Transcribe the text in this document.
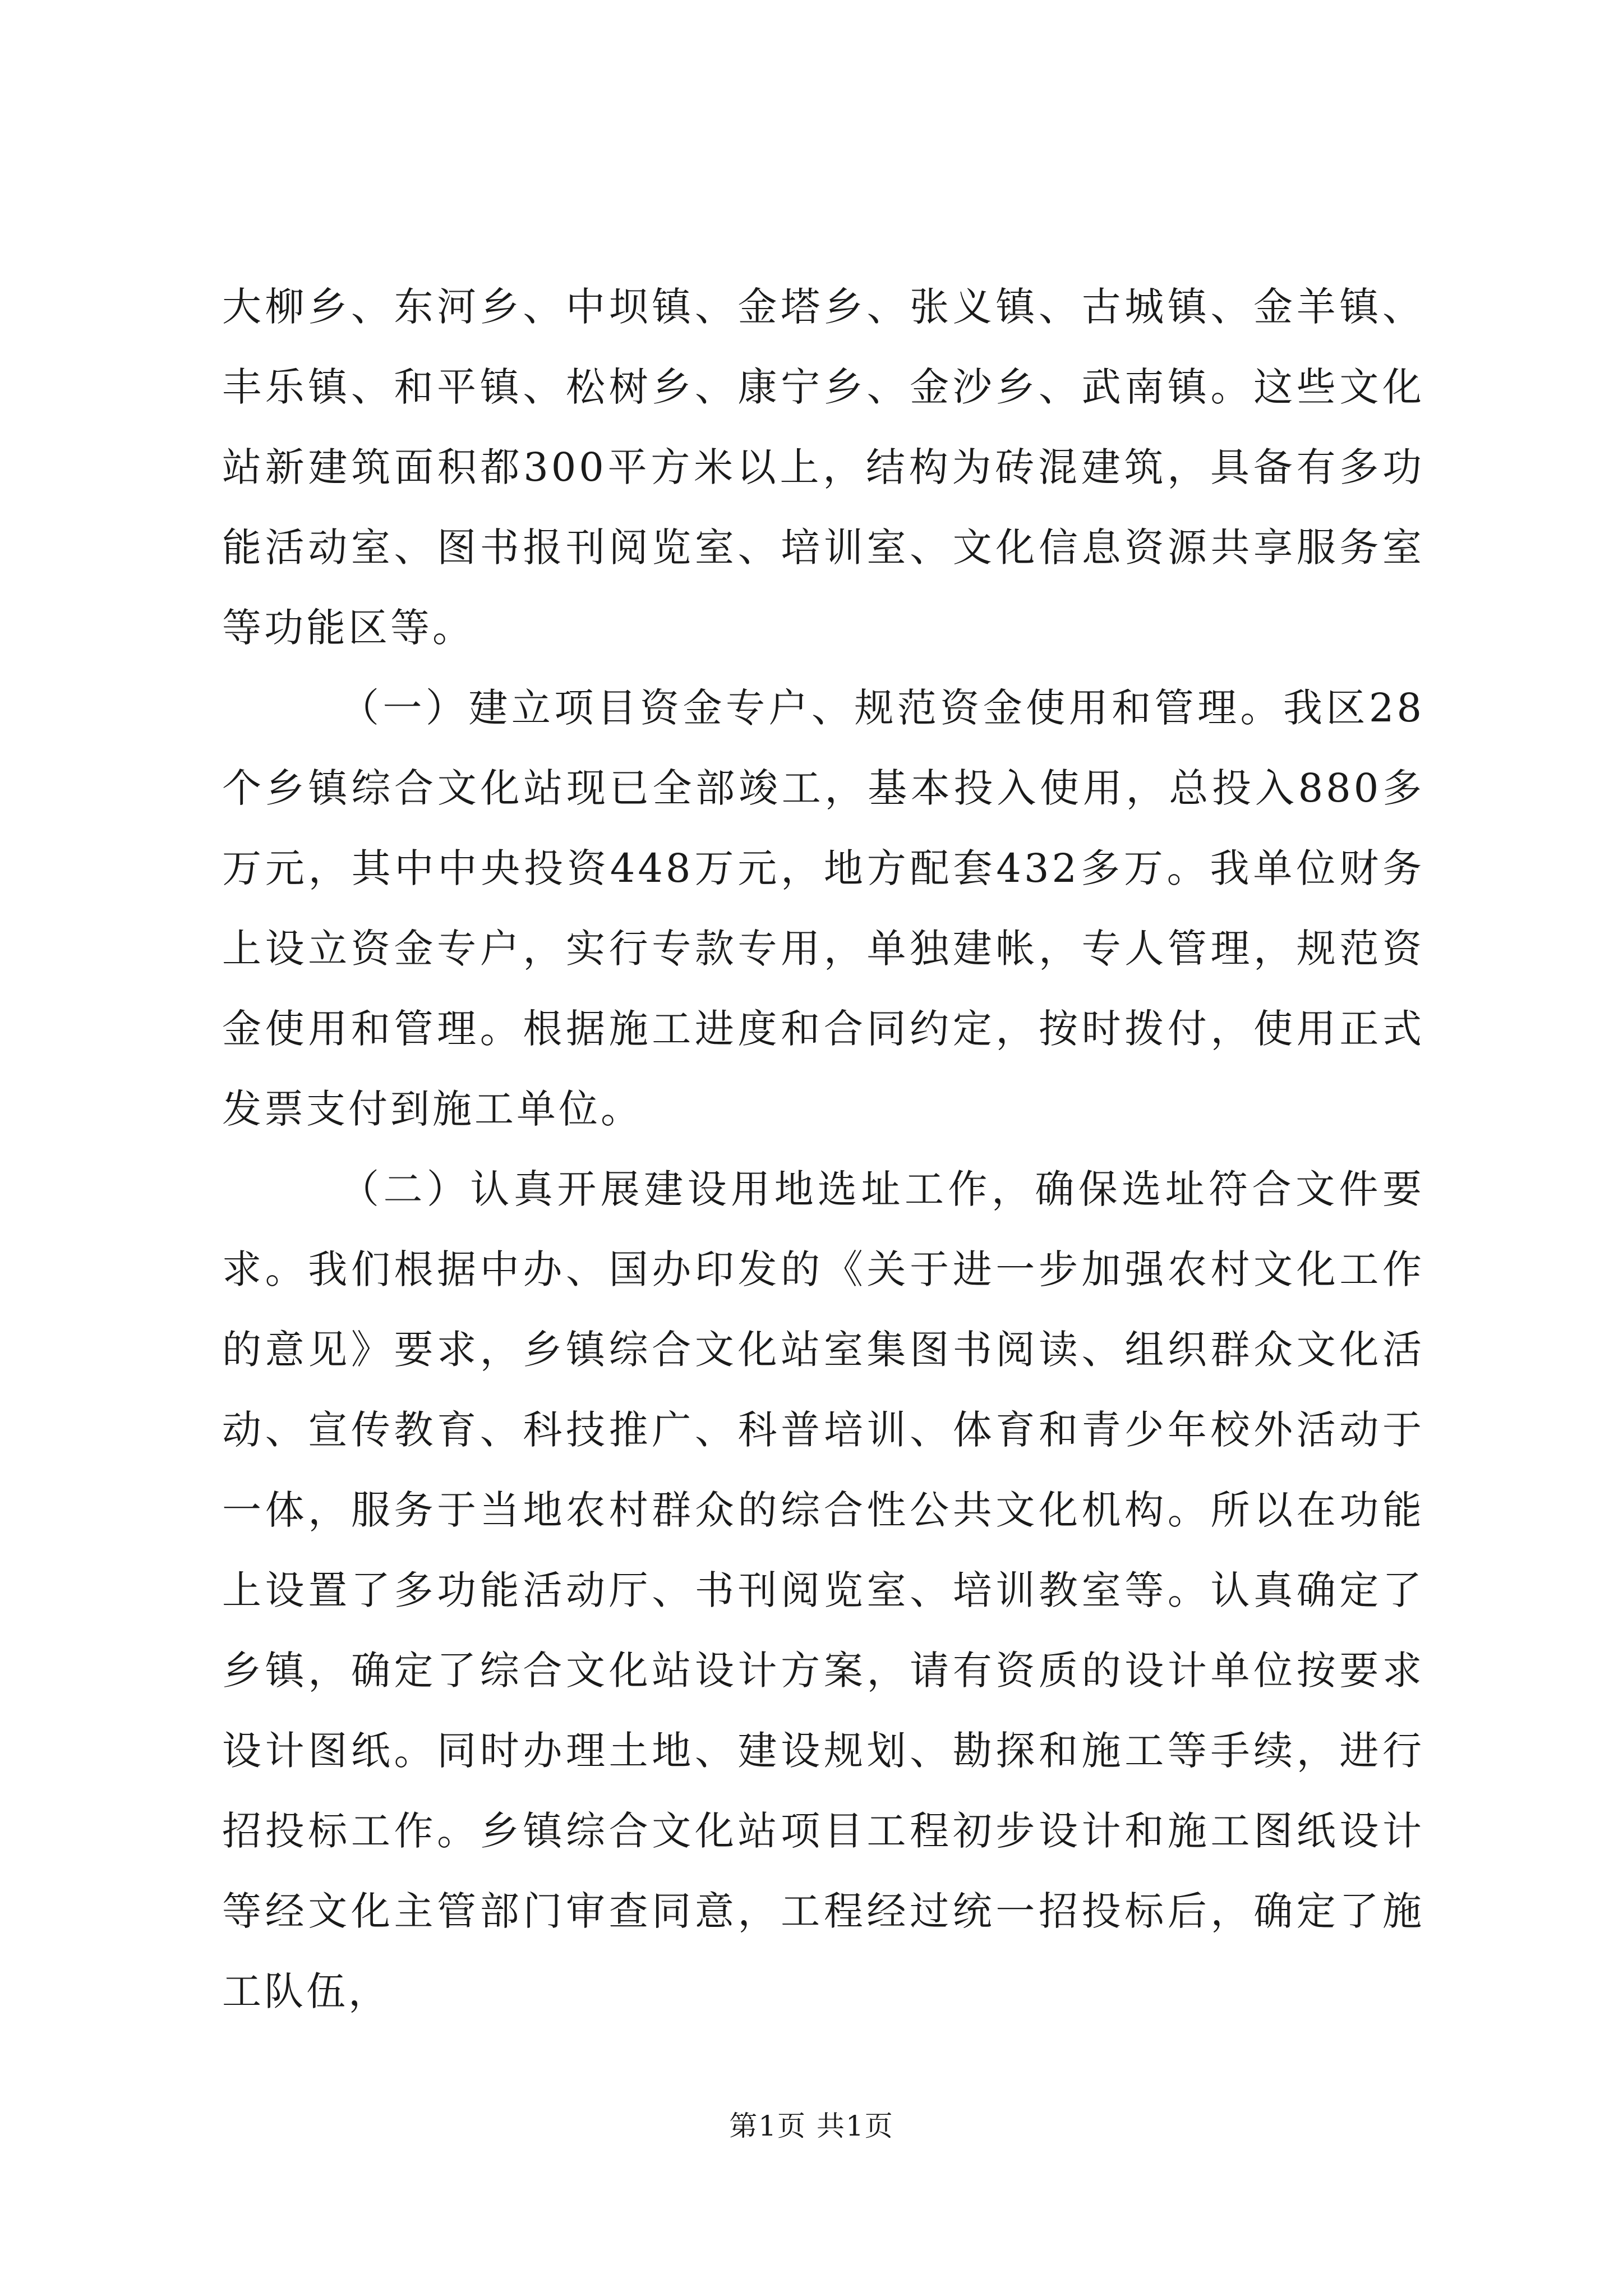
大柳乡、东河乡、中坝镇、金塔乡、张义镇、古城镇、金羊镇、丰乐镇、和平镇、松树乡、康宁乡、金沙乡、武南镇。这些文化站新建筑面积都300平方米以上，结构为砖混建筑，具备有多功能活动室、图书报刊阅览室、培训室、文化信息资源共享服务室等功能区等。

（一）建立项目资金专户、规范资金使用和管理。我区28个乡镇综合文化站现已全部竣工，基本投入使用，总投入880多万元，其中中央投资448万元，地方配套432多万。我单位财务上设立资金专户，实行专款专用，单独建帐，专人管理，规范资金使用和管理。根据施工进度和合同约定，按时拨付，使用正式发票支付到施工单位。

（二）认真开展建设用地选址工作，确保选址符合文件要求。我们根据中办、国办印发的《关于进一步加强农村文化工作的意见》要求，乡镇综合文化站室集图书阅读、组织群众文化活动、宣传教育、科技推广、科普培训、体育和青少年校外活动于一体，服务于当地农村群众的综合性公共文化机构。所以在功能上设置了多功能活动厅、书刊阅览室、培训教室等。认真确定了乡镇，确定了综合文化站设计方案，请有资质的设计单位按要求设计图纸。同时办理土地、建设规划、勘探和施工等手续，进行招投标工作。乡镇综合文化站项目工程初步设计和施工图纸设计等经文化主管部门审查同意，工程经过统一招投标后，确定了施工队伍，

第1页 共1页
